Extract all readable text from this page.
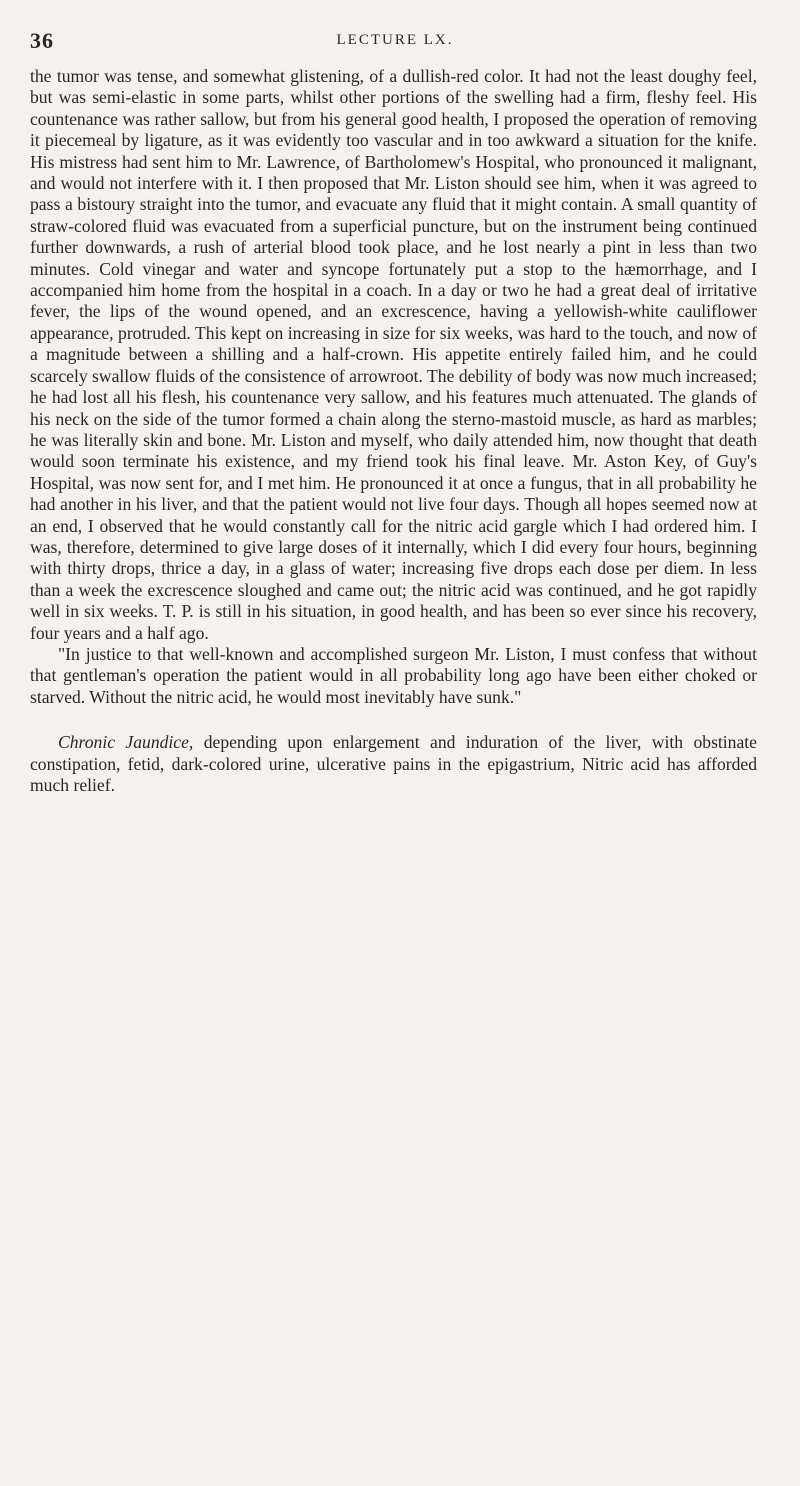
36	LECTURE LX.

the tumor was tense, and somewhat glistening, of a dullish-red color. It had not the least doughy feel, but was semi-elastic in some parts, whilst other portions of the swelling had a firm, fleshy feel. His countenance was rather sallow, but from his general good health, I proposed the operation of removing it piecemeal by ligature, as it was evidently too vascular and in too awkward a situation for the knife. His mistress had sent him to Mr. Lawrence, of Bartholomew's Hospital, who pronounced it malignant, and would not interfere with it. I then proposed that Mr. Liston should see him, when it was agreed to pass a bistoury straight into the tumor, and evacuate any fluid that it might contain. A small quantity of straw-colored fluid was evacuated from a superficial puncture, but on the instrument being continued further downwards, a rush of arterial blood took place, and he lost nearly a pint in less than two minutes. Cold vinegar and water and syncope fortunately put a stop to the hæmorrhage, and I accompanied him home from the hospital in a coach. In a day or two he had a great deal of irritative fever, the lips of the wound opened, and an excrescence, having a yellowish-white cauliflower appearance, protruded. This kept on increasing in size for six weeks, was hard to the touch, and now of a magnitude between a shilling and a half-crown. His appetite entirely failed him, and he could scarcely swallow fluids of the consistence of arrowroot. The debility of body was now much increased; he had lost all his flesh, his countenance very sallow, and his features much attenuated. The glands of his neck on the side of the tumor formed a chain along the sterno-mastoid muscle, as hard as marbles; he was literally skin and bone. Mr. Liston and myself, who daily attended him, now thought that death would soon terminate his existence, and my friend took his final leave. Mr. Aston Key, of Guy's Hospital, was now sent for, and I met him. He pronounced it at once a fungus, that in all probability he had another in his liver, and that the patient would not live four days. Though all hopes seemed now at an end, I observed that he would constantly call for the nitric acid gargle which I had ordered him. I was, therefore, determined to give large doses of it internally, which I did every four hours, beginning with thirty drops, thrice a day, in a glass of water; increasing five drops each dose per diem. In less than a week the excrescence sloughed and came out; the nitric acid was continued, and he got rapidly well in six weeks. T. P. is still in his situation, in good health, and has been so ever since his recovery, four years and a half ago.

"In justice to that well-known and accomplished surgeon Mr. Liston, I must confess that without that gentleman's operation the patient would in all probability long ago have been either choked or starved. Without the nitric acid, he would most inevitably have sunk."

Chronic Jaundice, depending upon enlargement and induration of the liver, with obstinate constipation, fetid, dark-colored urine, ulcerative pains in the epigastrium, Nitric acid has afforded much relief.
